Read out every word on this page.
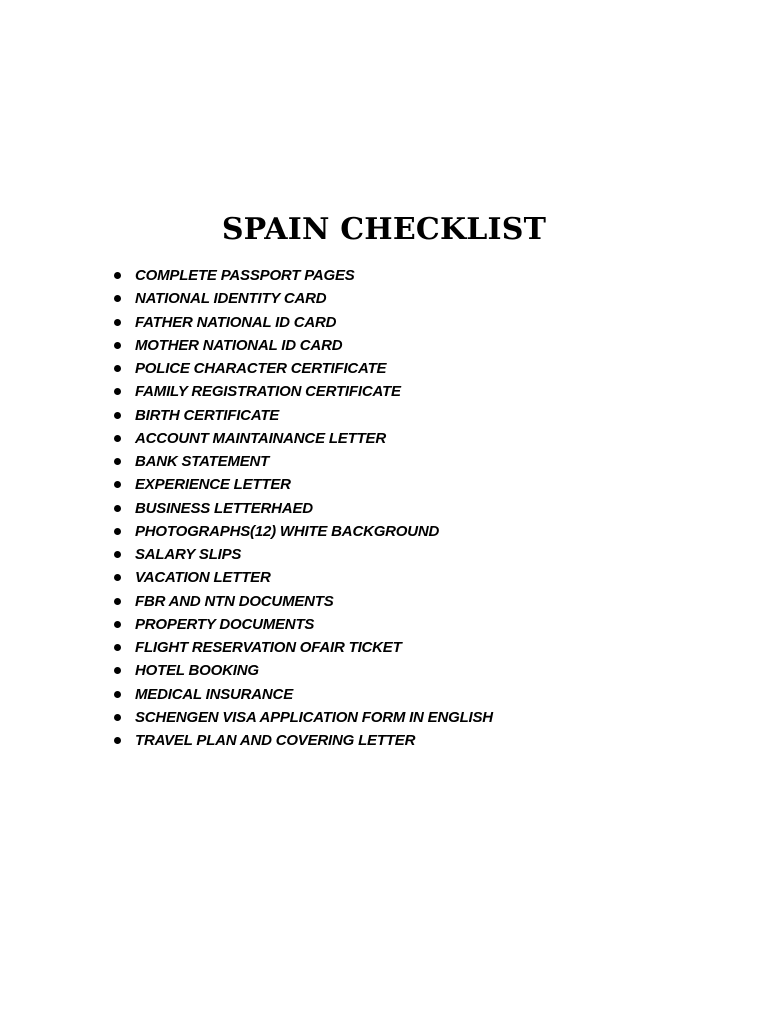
SPAIN CHECKLIST
COMPLETE PASSPORT PAGES
NATIONAL IDENTITY CARD
FATHER NATIONAL ID CARD
MOTHER NATIONAL ID CARD
POLICE CHARACTER CERTIFICATE
FAMILY REGISTRATION CERTIFICATE
BIRTH CERTIFICATE
ACCOUNT MAINTAINANCE LETTER
BANK STATEMENT
EXPERIENCE LETTER
BUSINESS LETTERHAED
PHOTOGRAPHS(12) WHITE BACKGROUND
SALARY SLIPS
VACATION LETTER
FBR AND NTN DOCUMENTS
PROPERTY DOCUMENTS
FLIGHT RESERVATION OFAIR TICKET
HOTEL BOOKING
MEDICAL INSURANCE
SCHENGEN VISA APPLICATION FORM IN ENGLISH
TRAVEL PLAN AND COVERING LETTER
